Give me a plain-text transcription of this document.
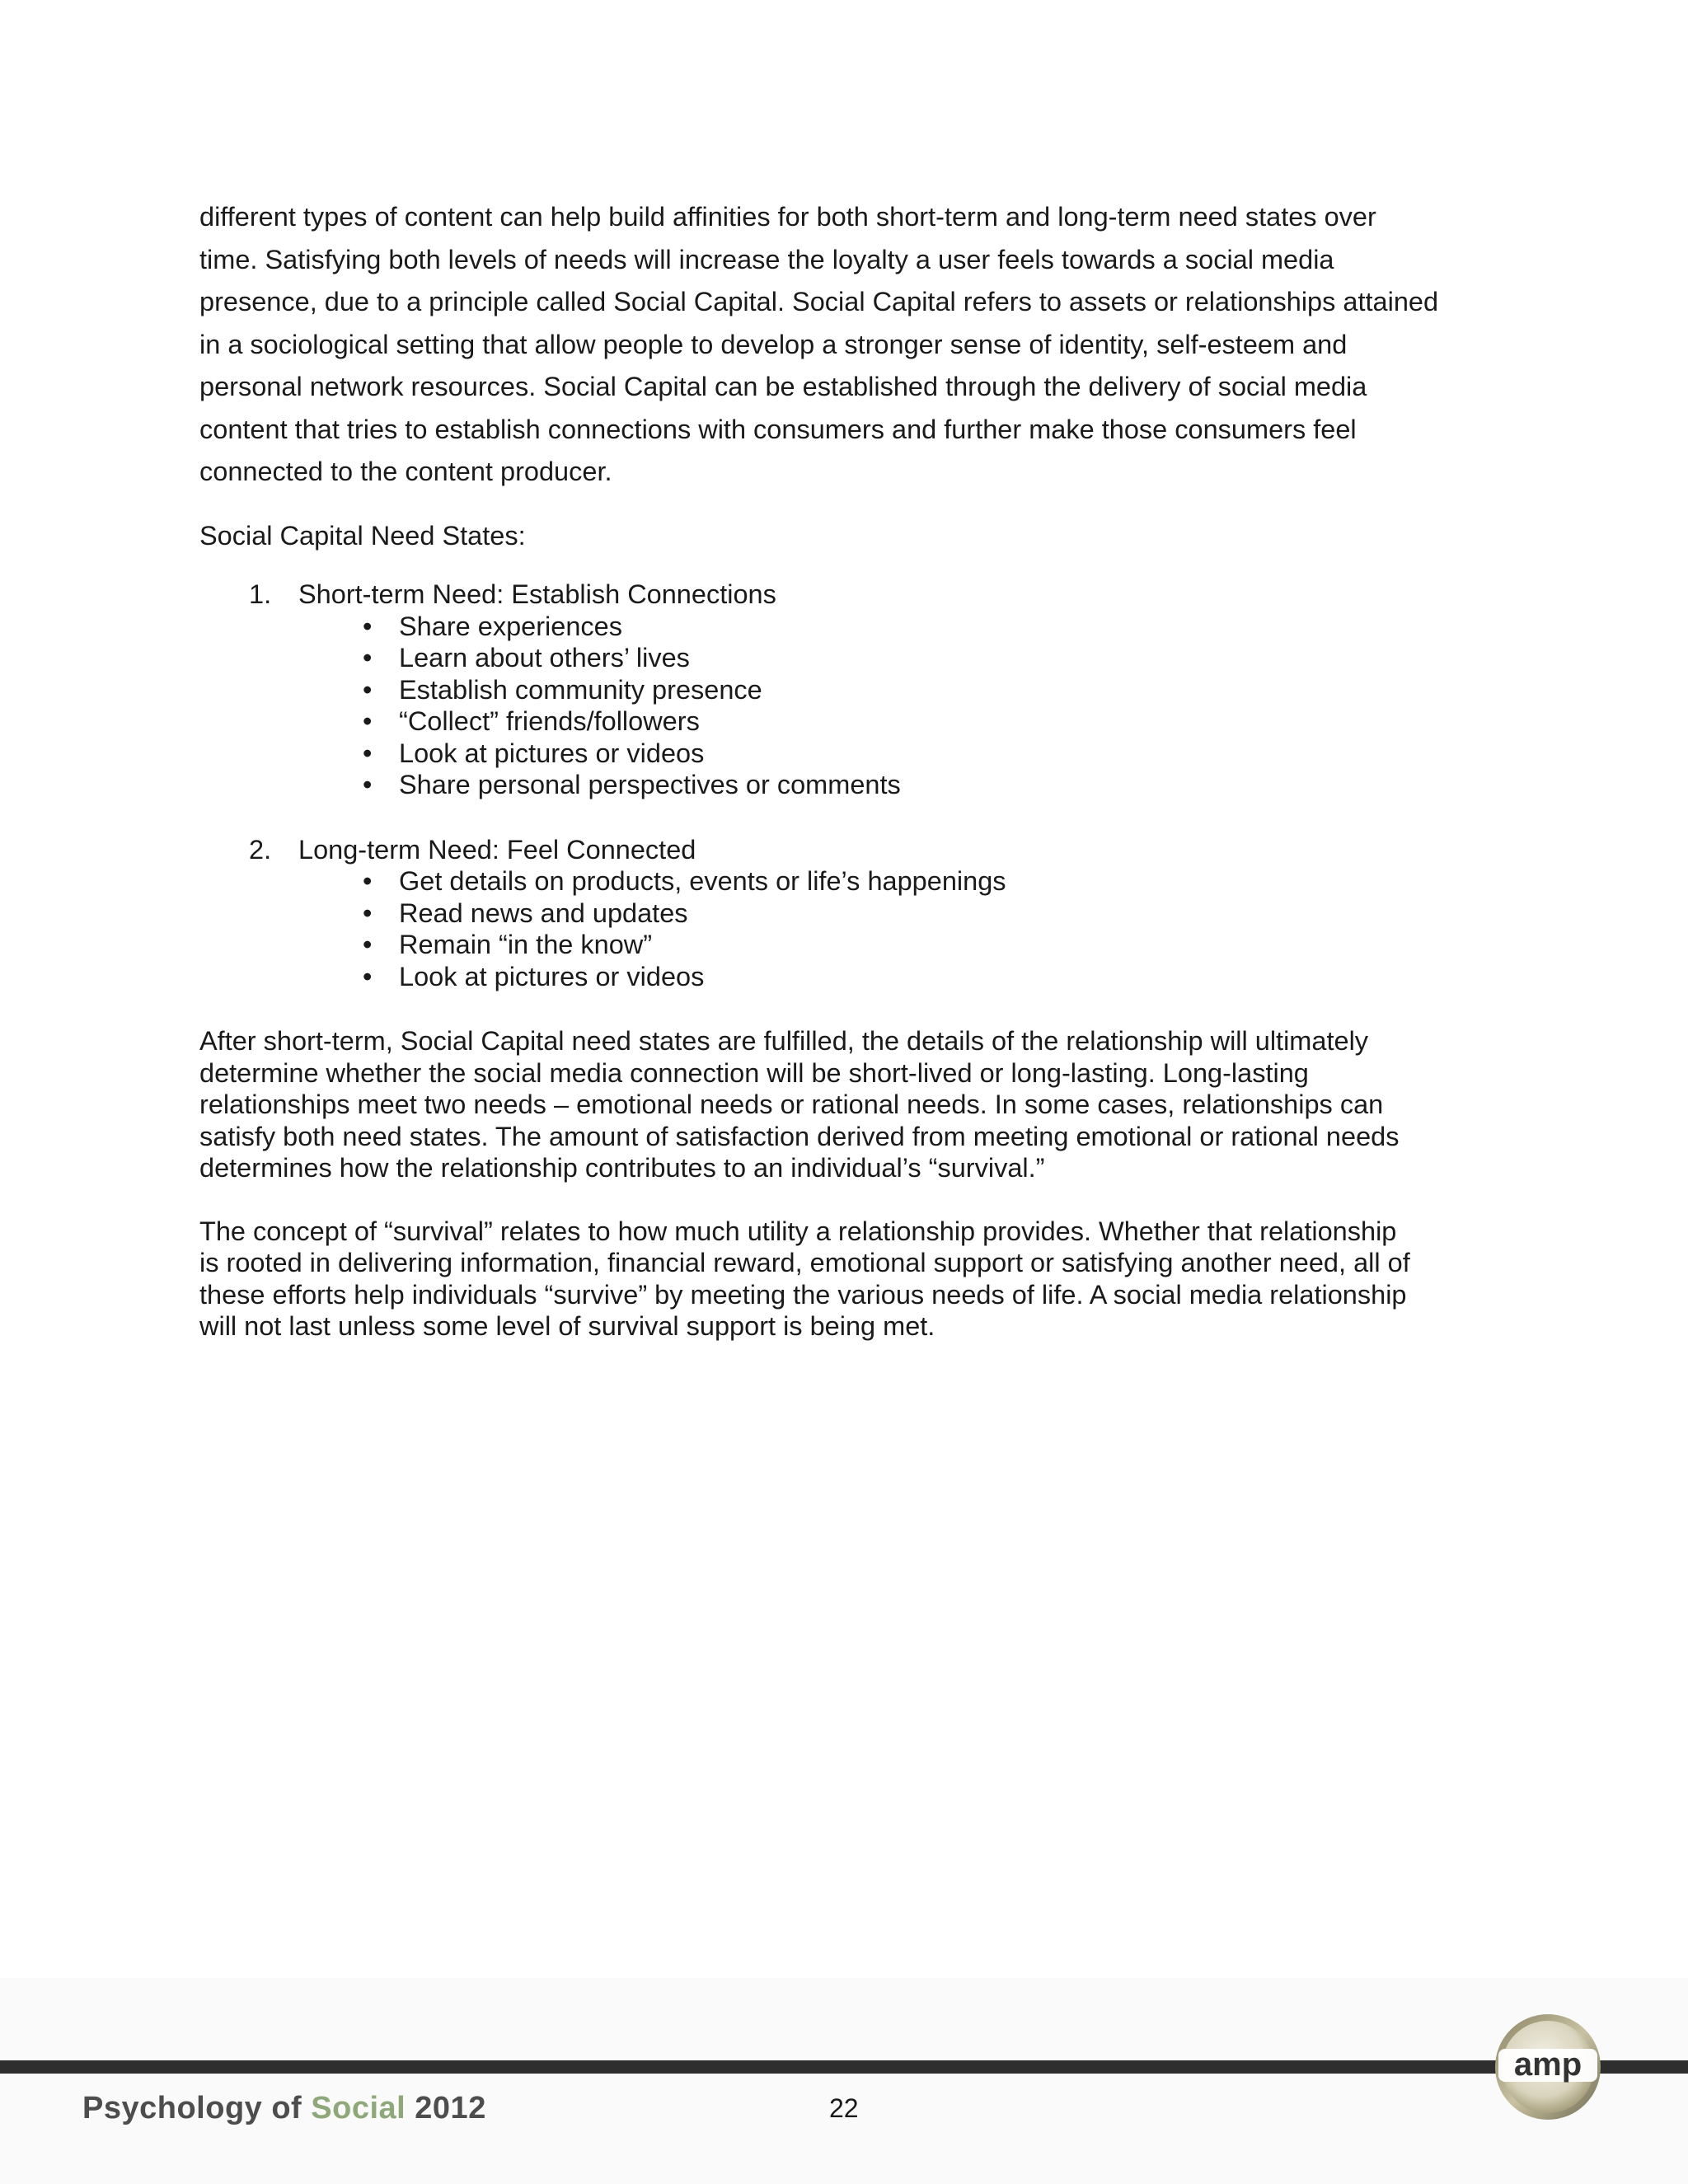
different types of content can help build affinities for both short-term and long-term need states over
time. Satisfying both levels of needs will increase the loyalty a user feels towards a social media
presence, due to a principle called Social Capital. Social Capital refers to assets or relationships attained
in a sociological setting that allow people to develop a stronger sense of identity, self-esteem and
personal network resources. Social Capital can be established through the delivery of social media
content that tries to establish connections with consumers and further make those consumers feel
connected to the content producer.

Social Capital Need States:

1. Short-term Need: Establish Connections
• Share experiences
• Learn about others’ lives
• Establish community presence
• “Collect” friends/followers
• Look at pictures or videos
• Share personal perspectives or comments
2. Long-term Need: Feel Connected
• Get details on products, events or life’s happenings
• Read news and updates
• Remain “in the know”
• Look at pictures or videos

After short-term, Social Capital need states are fulfilled, the details of the relationship will ultimately
determine whether the social media connection will be short-lived or long-lasting. Long-lasting
relationships meet two needs – emotional needs or rational needs. In some cases, relationships can
satisfy both need states. The amount of satisfaction derived from meeting emotional or rational needs
determines how the relationship contributes to an individual’s “survival.”

The concept of “survival” relates to how much utility a relationship provides. Whether that relationship
is rooted in delivering information, financial reward, emotional support or satisfying another need, all of
these efforts help individuals “survive” by meeting the various needs of life. A social media relationship
will not last unless some level of survival support is being met.

Psychology of Social 2012	22
amp
